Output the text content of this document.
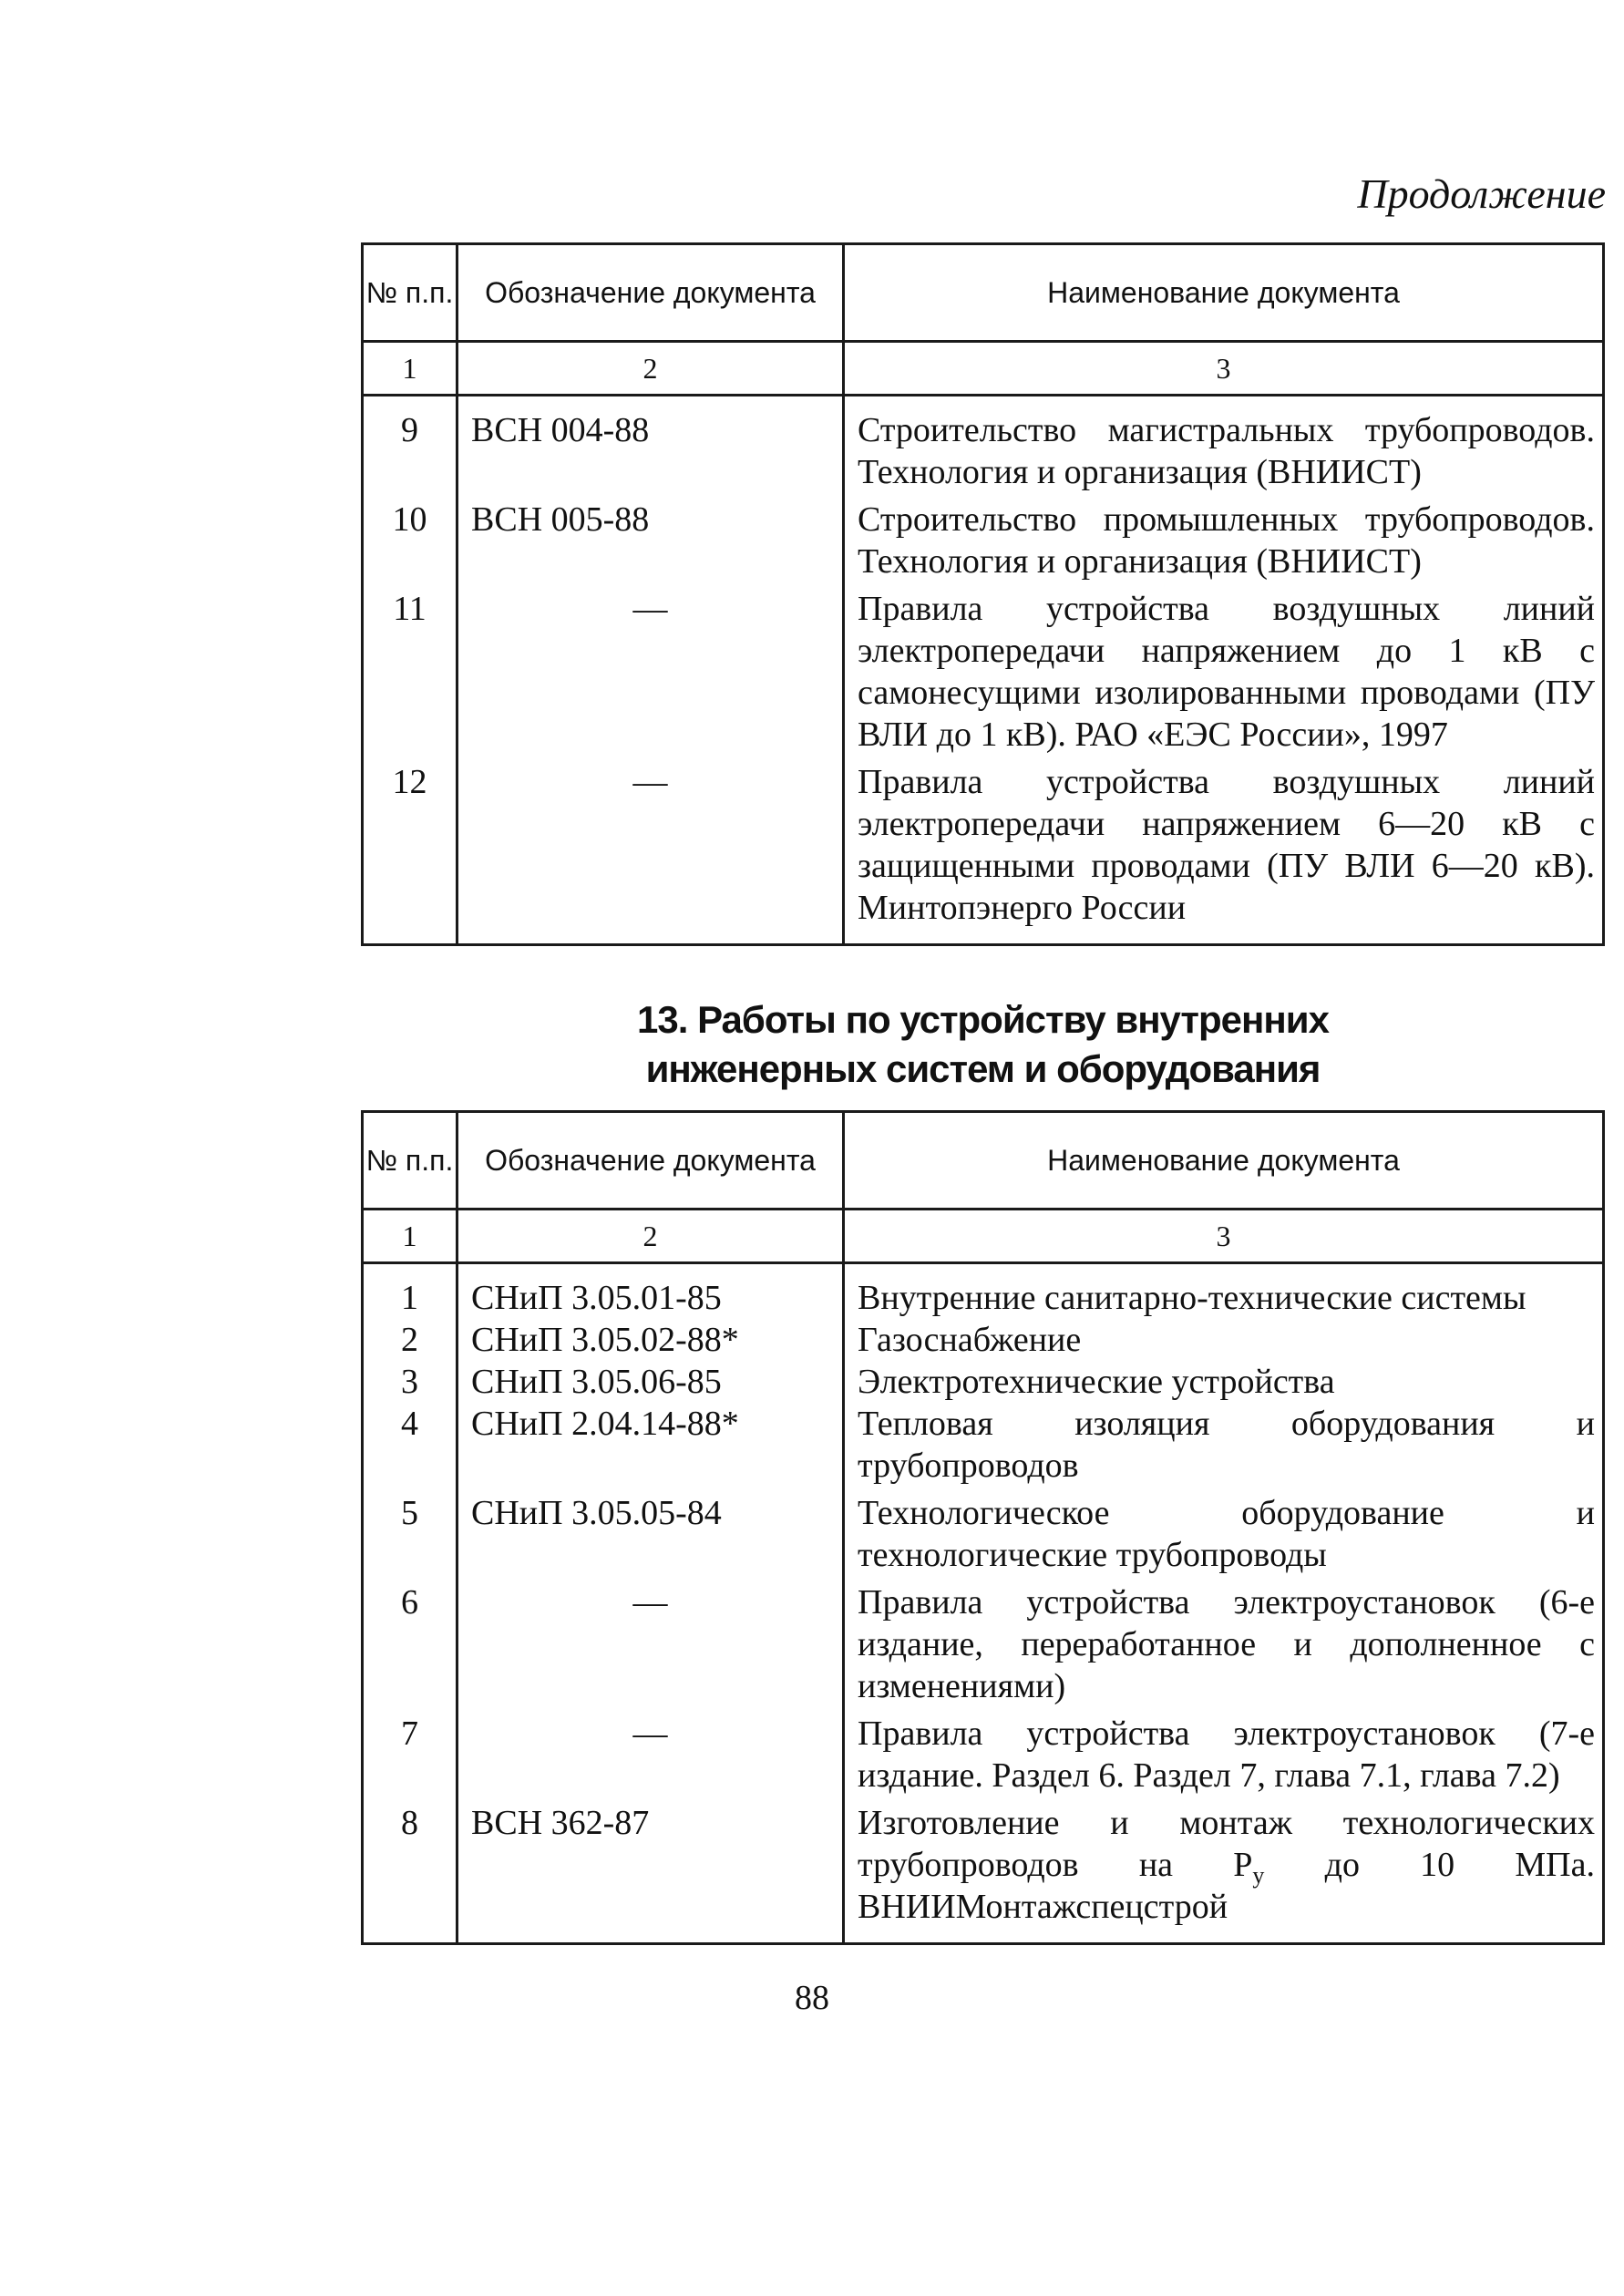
Продолжение
№ п.п.	Обозначение документа	Наименование документа
1	2	3
9	ВСН 004-88	Строительство магистральных трубопроводов. Технология и организация (ВНИИСТ)
10	ВСН 005-88	Строительство промышленных трубопроводов. Технология и организация (ВНИИСТ)
11	—	Правила устройства воздушных линий электропередачи напряжением до 1 кВ с самонесущими изолированными проводами (ПУ ВЛИ до 1 кВ). РАО «ЕЭС России», 1997
12	—	Правила устройства воздушных линий электропередачи напряжением 6—20 кВ с защищенными проводами (ПУ ВЛИ 6—20 кВ). Минтопэнерго России
13. Работы по устройству внутренних
инженерных систем и оборудования
№ п.п.	Обозначение документа	Наименование документа
1	2	3
1	СНиП 3.05.01-85	Внутренние санитарно-технические системы
2	СНиП 3.05.02-88*	Газоснабжение
3	СНиП 3.05.06-85	Электротехнические устройства
4	СНиП 2.04.14-88*	Тепловая изоляция оборудования и трубопроводов
5	СНиП 3.05.05-84	Технологическое оборудование и технологические трубопроводы
6	—	Правила устройства электроустановок (6-е издание, переработанное и дополненное с изменениями)
7	—	Правила устройства электроустановок (7-е издание. Раздел 6. Раздел 7, глава 7.1, глава 7.2)
8	ВСН 362-87	Изготовление и монтаж технологических трубопроводов на $Р_у$ до 10 МПа. ВНИИМонтажспецстрой
88
